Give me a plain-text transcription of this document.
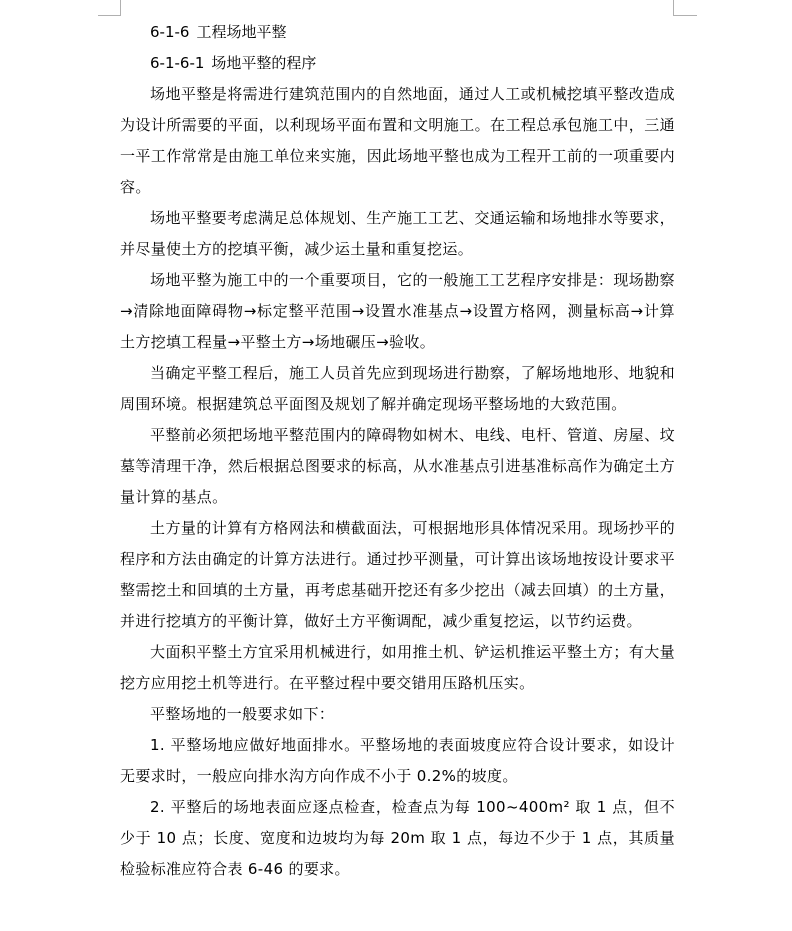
6-1-6 工程场地平整
6-1-6-1 场地平整的程序

场地平整是将需进行建筑范围内的自然地面，通过人工或机械挖填平整改造成为设计所需要的平面，以利现场平面布置和文明施工。在工程总承包施工中，三通一平工作常常是由施工单位来实施，因此场地平整也成为工程开工前的一项重要内容。

场地平整要考虑满足总体规划、生产施工工艺、交通运输和场地排水等要求，并尽量使土方的挖填平衡，减少运土量和重复挖运。

场地平整为施工中的一个重要项目，它的一般施工工艺程序安排是：现场勘察→清除地面障碍物→标定整平范围→设置水准基点→设置方格网，测量标高→计算土方挖填工程量→平整土方→场地碾压→验收。

当确定平整工程后，施工人员首先应到现场进行勘察，了解场地地形、地貌和周围环境。根据建筑总平面图及规划了解并确定现场平整场地的大致范围。

平整前必须把场地平整范围内的障碍物如树木、电线、电杆、管道、房屋、坟墓等清理干净，然后根据总图要求的标高，从水准基点引进基准标高作为确定土方量计算的基点。

土方量的计算有方格网法和横截面法，可根据地形具体情况采用。现场抄平的程序和方法由确定的计算方法进行。通过抄平测量，可计算出该场地按设计要求平整需挖土和回填的土方量，再考虑基础开挖还有多少挖出（减去回填）的土方量，并进行挖填方的平衡计算，做好土方平衡调配，减少重复挖运，以节约运费。

大面积平整土方宜采用机械进行，如用推土机、铲运机推运平整土方；有大量挖方应用挖土机等进行。在平整过程中要交错用压路机压实。

平整场地的一般要求如下：

1. 平整场地应做好地面排水。平整场地的表面坡度应符合设计要求，如设计无要求时，一般应向排水沟方向作成不小于 0.2%的坡度。

2. 平整后的场地表面应逐点检查，检查点为每 100~400m² 取 1 点，但不少于 10 点；长度、宽度和边坡均为每 20m 取 1 点，每边不少于 1 点，其质量检验标准应符合表 6-46 的要求。
